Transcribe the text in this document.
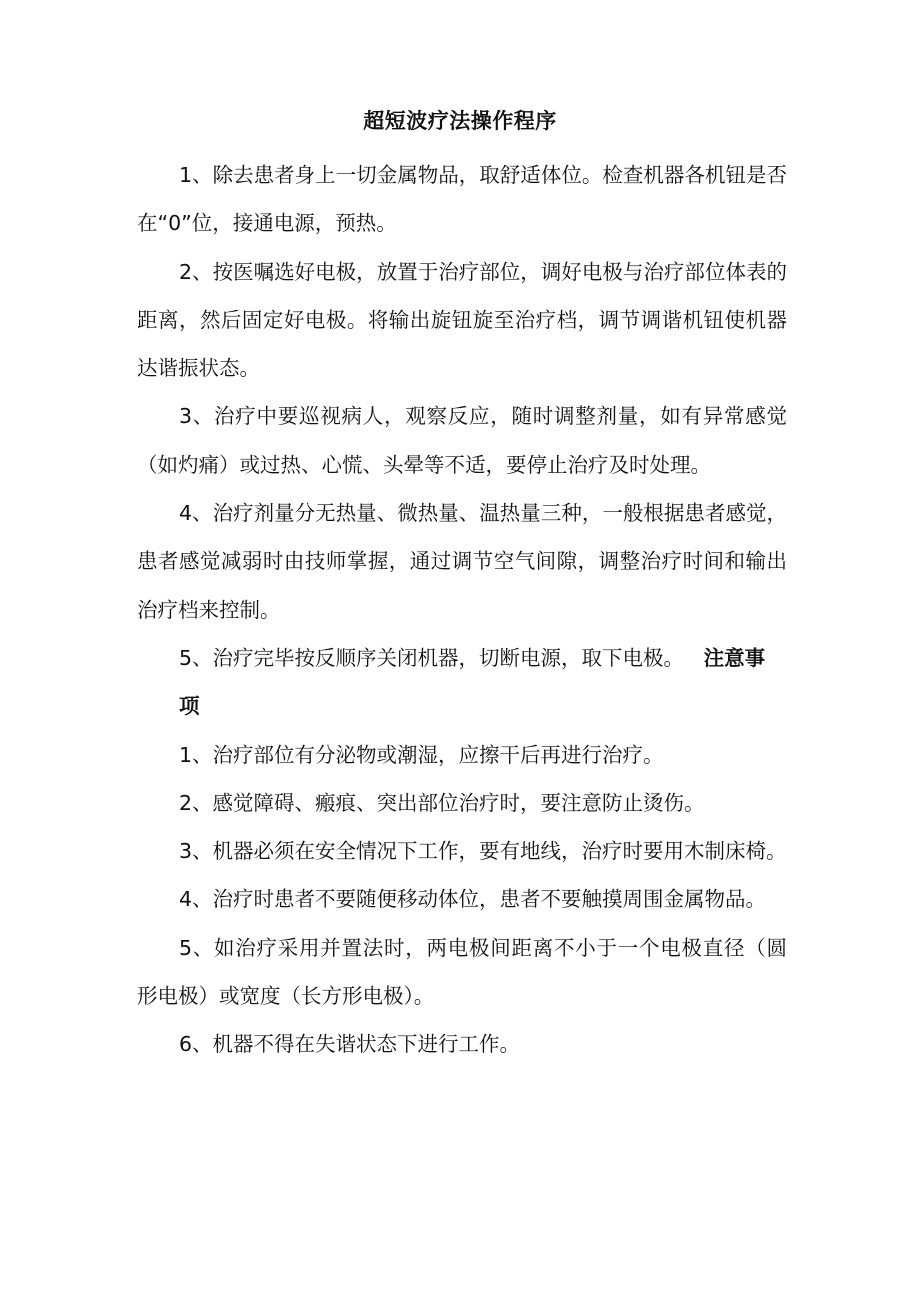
超短波疗法操作程序

1、除去患者身上一切金属物品，取舒适体位。检查机器各机钮是否在“0”位，接通电源，预热。

2、按医嘱选好电极，放置于治疗部位，调好电极与治疗部位体表的距离，然后固定好电极。将输出旋钮旋至治疗档，调节调谐机钮使机器达谐振状态。

3、治疗中要巡视病人，观察反应，随时调整剂量，如有异常感觉（如灼痛）或过热、心慌、头晕等不适，要停止治疗及时处理。

4、治疗剂量分无热量、微热量、温热量三种，一般根据患者感觉，患者感觉减弱时由技师掌握，通过调节空气间隙，调整治疗时间和输出治疗档来控制。

5、治疗完毕按反顺序关闭机器，切断电源，取下电极。 注意事

项

1、治疗部位有分泌物或潮湿，应擦干后再进行治疗。

2、感觉障碍、瘢痕、突出部位治疗时，要注意防止烫伤。

3、机器必须在安全情况下工作，要有地线，治疗时要用木制床椅。

4、治疗时患者不要随便移动体位，患者不要触摸周围金属物品。

5、如治疗采用并置法时，两电极间距离不小于一个电极直径（圆 形电极）或宽度（长方形电极）。

6、机器不得在失谐状态下进行工作。
